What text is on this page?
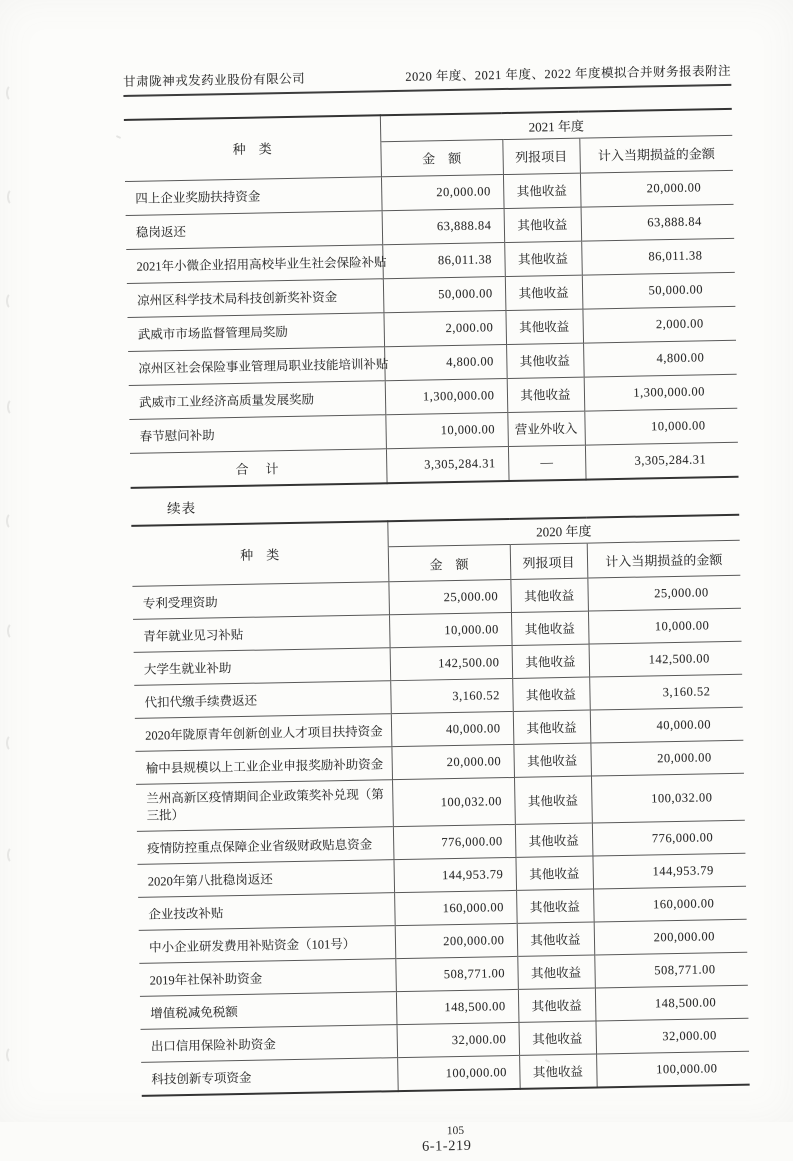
甘肃陇神戎发药业股份有限公司	2020 年度、2021 年度、2022 年度模拟合并财务报表附注
种　类	2021 年度		
	金　额	列报项目	计入当期损益的金额
四上企业奖励扶持资金	20,000.00	其他收益	20,000.00
稳岗返还	63,888.84	其他收益	63,888.84
2021年小微企业招用高校毕业生社会保险补贴	86,011.38	其他收益	86,011.38
凉州区科学技术局科技创新奖补资金	50,000.00	其他收益	50,000.00
武威市市场监督管理局奖励	2,000.00	其他收益	2,000.00
凉州区社会保险事业管理局职业技能培训补贴	4,800.00	其他收益	4,800.00
武威市工业经济高质量发展奖励	1,300,000.00	其他收益	1,300,000.00
春节慰问补助	10,000.00	营业外收入	10,000.00
合　计	3,305,284.31	—	3,305,284.31
续表
种　类	2020 年度		
	金　额	列报项目	计入当期损益的金额
专利受理资助	25,000.00	其他收益	25,000.00
青年就业见习补贴	10,000.00	其他收益	10,000.00
大学生就业补助	142,500.00	其他收益	142,500.00
代扣代缴手续费返还	3,160.52	其他收益	3,160.52
2020年陇原青年创新创业人才项目扶持资金	40,000.00	其他收益	40,000.00
榆中县规模以上工业企业申报奖励补助资金	20,000.00	其他收益	20,000.00
兰州高新区疫情期间企业政策奖补兑现（第三批）	100,032.00	其他收益	100,032.00
疫情防控重点保障企业省级财政贴息资金	776,000.00	其他收益	776,000.00
2020年第八批稳岗返还	144,953.79	其他收益	144,953.79
企业技改补贴	160,000.00	其他收益	160,000.00
中小企业研发费用补贴资金（101号）	200,000.00	其他收益	200,000.00
2019年社保补助资金	508,771.00	其他收益	508,771.00
增值税减免税额	148,500.00	其他收益	148,500.00
出口信用保险补助资金	32,000.00	其他收益	32,000.00
科技创新专项资金	100,000.00	其他收益	100,000.00
105
6-1-219
